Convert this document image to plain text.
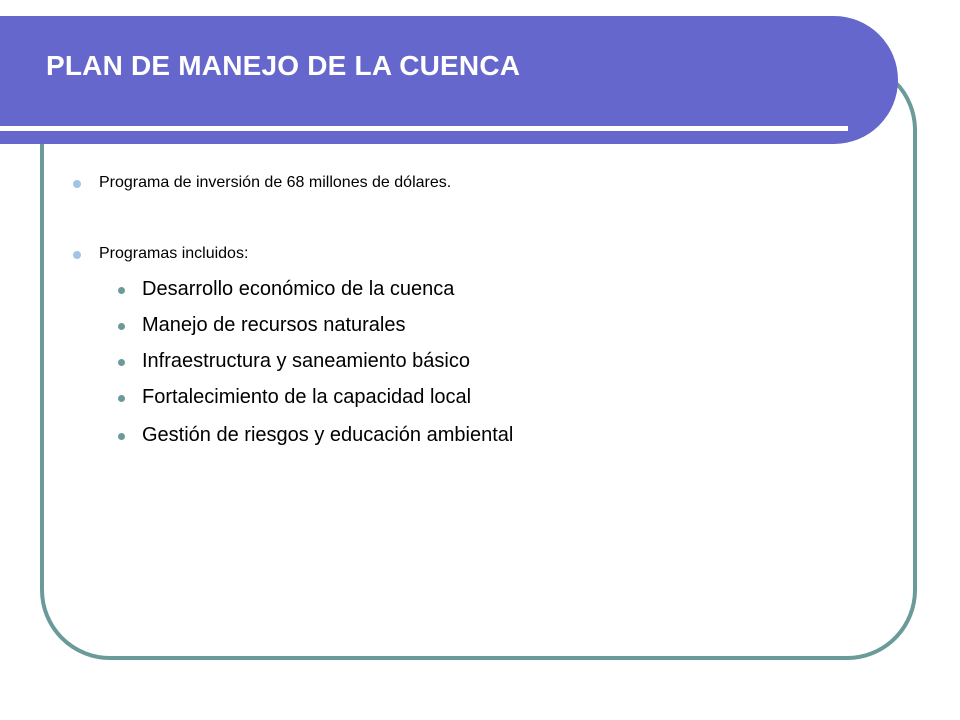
PLAN DE MANEJO DE LA CUENCA
Programa de inversión de 68 millones de dólares.
Programas incluidos:
Desarrollo económico de la cuenca
Manejo de recursos naturales
Infraestructura y saneamiento básico
Fortalecimiento de la capacidad local
Gestión de riesgos y educación ambiental
